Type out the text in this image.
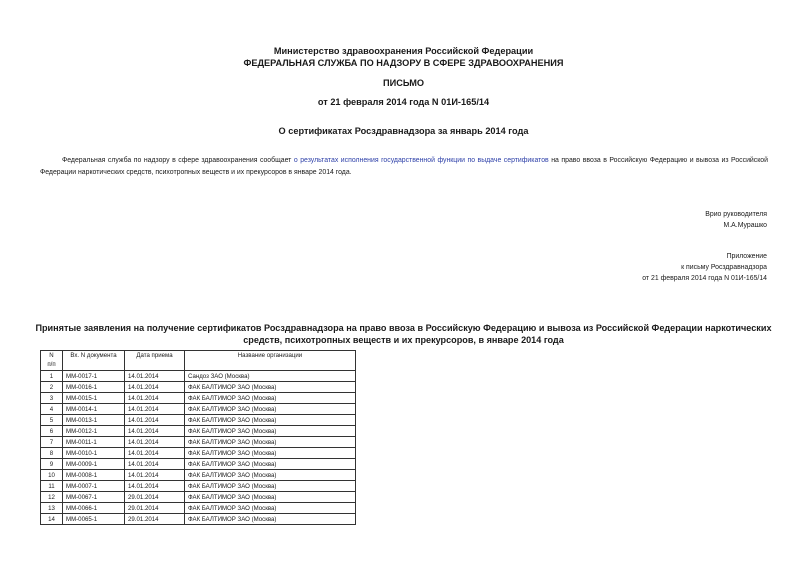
Министерство здравоохранения Российской Федерации
ФЕДЕРАЛЬНАЯ СЛУЖБА ПО НАДЗОРУ В СФЕРЕ ЗДРАВООХРАНЕНИЯ
ПИСЬМО
от 21 февраля 2014 года N 01И-165/14
О сертификатах Росздравнадзора за январь 2014 года
Федеральная служба по надзору в сфере здравоохранения сообщает о результатах исполнения государственной функции по выдаче сертификатов на право ввоза в Российскую Федерацию и вывоза из Российской Федерации наркотических средств, психотропных веществ и их прекурсоров в январе 2014 года.
Врио руководителя
М.А.Мурашко
Приложение
к письму Росздравнадзора
от 21 февраля 2014 года N 01И-165/14
Принятые заявления на получение сертификатов Росздравнадзора на право ввоза в Российскую Федерацию и вывоза из Российской Федерации наркотических средств, психотропных веществ и их прекурсоров, в январе 2014 года
N
п/п	Вх. N документа	Дата приема	Название организации
1	ММ-0017-1	14.01.2014	Сандоз ЗАО (Москва)
2	ММ-0016-1	14.01.2014	ФАК БАЛТИМОР ЗАО (Москва)
3	ММ-0015-1	14.01.2014	ФАК БАЛТИМОР ЗАО (Москва)
4	ММ-0014-1	14.01.2014	ФАК БАЛТИМОР ЗАО (Москва)
5	ММ-0013-1	14.01.2014	ФАК БАЛТИМОР ЗАО (Москва)
6	ММ-0012-1	14.01.2014	ФАК БАЛТИМОР ЗАО (Москва)
7	ММ-0011-1	14.01.2014	ФАК БАЛТИМОР ЗАО (Москва)
8	ММ-0010-1	14.01.2014	ФАК БАЛТИМОР ЗАО (Москва)
9	ММ-0009-1	14.01.2014	ФАК БАЛТИМОР ЗАО (Москва)
10	ММ-0008-1	14.01.2014	ФАК БАЛТИМОР ЗАО (Москва)
11	ММ-0007-1	14.01.2014	ФАК БАЛТИМОР ЗАО (Москва)
12	ММ-0067-1	29.01.2014	ФАК БАЛТИМОР ЗАО (Москва)
13	ММ-0066-1	29.01.2014	ФАК БАЛТИМОР ЗАО (Москва)
14	ММ-0065-1	29.01.2014	ФАК БАЛТИМОР ЗАО (Москва)
